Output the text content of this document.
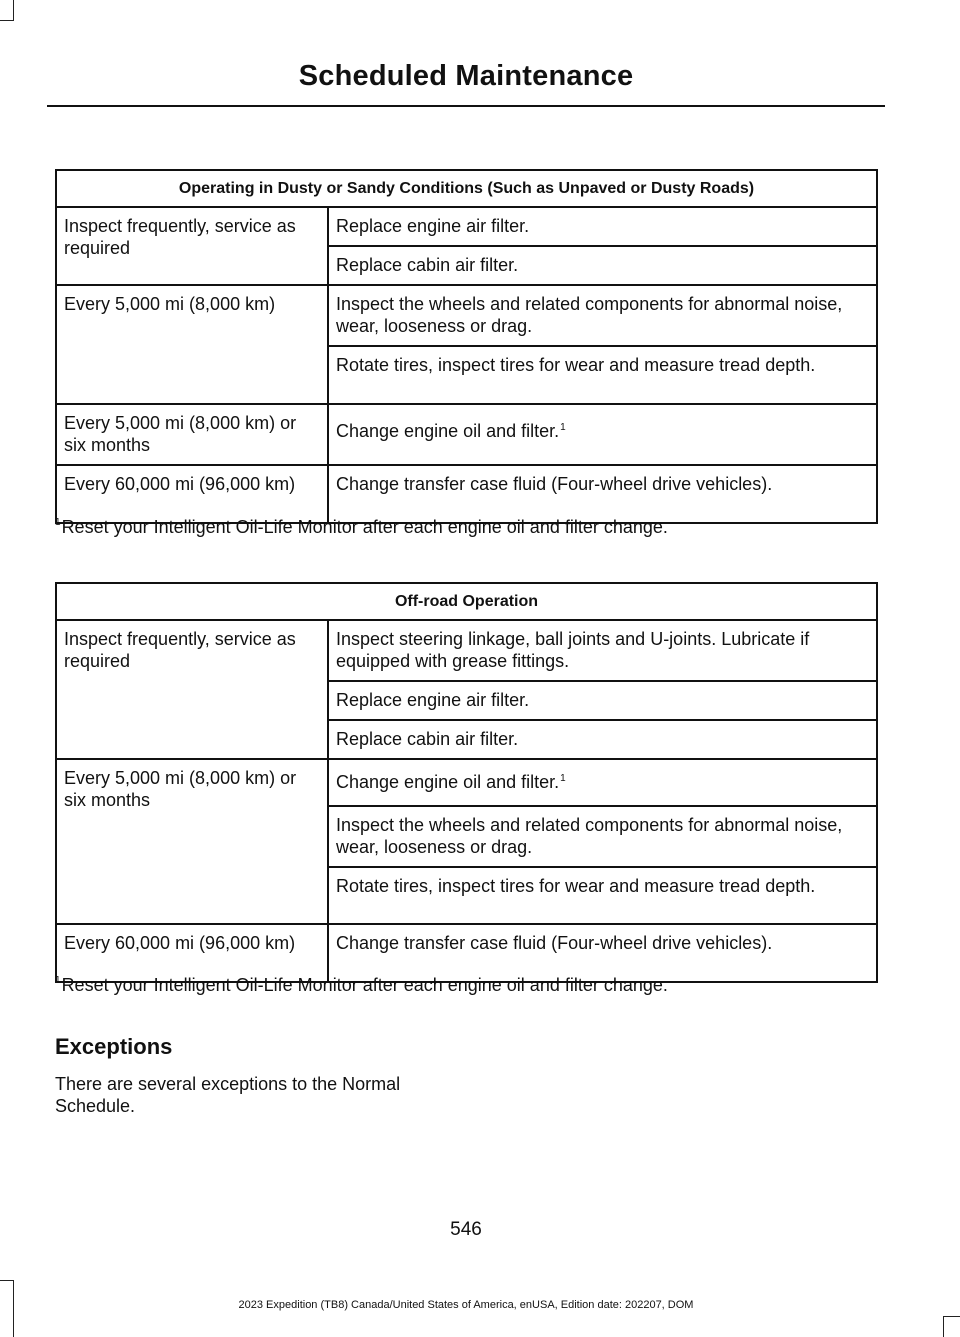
Scheduled Maintenance
Operating in Dusty or Sandy Conditions (Such as Unpaved or Dusty Roads)	
Inspect frequently, service as required	Replace engine air filter.
	Replace cabin air filter.
Every 5,000 mi (8,000 km)	Inspect the wheels and related components for abnormal noise, wear, looseness or drag.
	Rotate tires, inspect tires for wear and measure tread depth.
Every 5,000 mi (8,000 km) or six months	Change engine oil and filter.$^1$
Every 60,000 mi (96,000 km)	Change transfer case fluid (Four-wheel drive vehicles).
$^1$Reset your Intelligent Oil-Life Monitor after each engine oil and filter change.
Off-road Operation	
Inspect frequently, service as required	Inspect steering linkage, ball joints and U-joints. Lubricate if equipped with grease fittings.
	Replace engine air filter.
	Replace cabin air filter.
Every 5,000 mi (8,000 km) or six months	Change engine oil and filter.$^1$
	Inspect the wheels and related components for abnormal noise, wear, looseness or drag.
	Rotate tires, inspect tires for wear and measure tread depth.
Every 60,000 mi (96,000 km)	Change transfer case fluid (Four-wheel drive vehicles).
$^1$Reset your Intelligent Oil-Life Monitor after each engine oil and filter change.
Exceptions
There are several exceptions to the Normal Schedule.
546
2023 Expedition (TB8) Canada/United States of America, enUSA, Edition date: 202207, DOM
